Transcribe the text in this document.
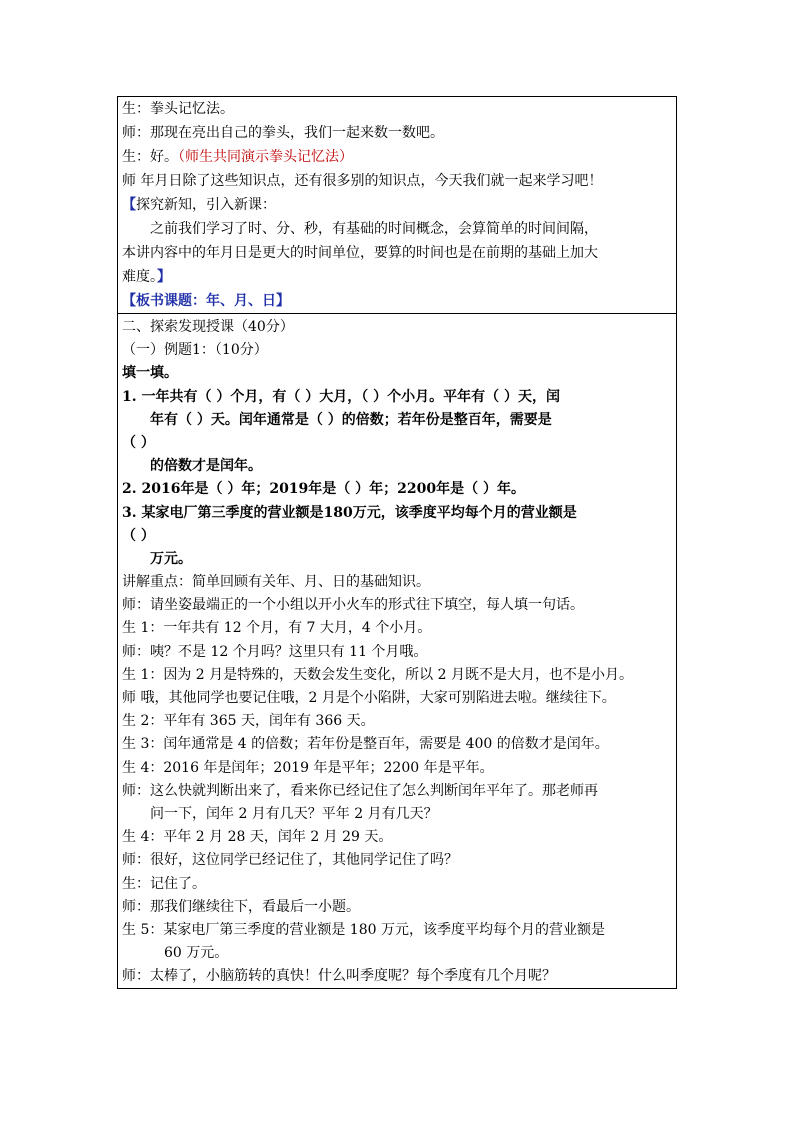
生：拳头记忆法。
师：那现在亮出自己的拳头，我们一起来数一数吧。
生：好。（师生共同演示拳头记忆法）
师 年月日除了这些知识点，还有很多别的知识点，今天我们就一起来学习吧！
【探究新知，引入新课：
之前我们学习了时、分、秒，有基础的时间概念，会算简单的时间间隔，
本讲内容中的年月日是更大的时间单位，要算的时间也是在前期的基础上加大
难度。】
【板书课题：年、月、日】
二、探索发现授课（40分）
（一）例题1：（10分）
填一填。
1. 一年共有（ ）个月，有（ ）大月，（ ）个小月。平年有（ ）天，闰
年有（ ）天。闰年通常是（ ）的倍数；若年份是整百年，需要是
（ ）
的倍数才是闰年。
2. 2016年是（ ）年；2019年是（ ）年；2200年是（ ）年。
3. 某家电厂第三季度的营业额是180万元，该季度平均每个月的营业额是
（ ）
万元。
讲解重点：简单回顾有关年、月、日的基础知识。
师：请坐姿最端正的一个小组以开小火车的形式往下填空，每人填一句话。
生 1：一年共有 12 个月，有 7 大月，4 个小月。
师：咦？不是 12 个月吗？这里只有 11 个月哦。
生 1：因为 2 月是特殊的，天数会发生变化，所以 2 月既不是大月，也不是小月。
师 哦，其他同学也要记住哦，2 月是个小陷阱，大家可别陷进去啦。继续往下。
生 2：平年有 365 天，闰年有 366 天。
生 3：闰年通常是 4 的倍数；若年份是整百年，需要是 400 的倍数才是闰年。
生 4：2016 年是闰年；2019 年是平年；2200 年是平年。
师：这么快就判断出来了，看来你已经记住了怎么判断闰年平年了。那老师再
问一下，闰年 2 月有几天？平年 2 月有几天？
生 4：平年 2 月 28 天，闰年 2 月 29 天。
师：很好，这位同学已经记住了，其他同学记住了吗？
生：记住了。
师：那我们继续往下，看最后一小题。
生 5：某家电厂第三季度的营业额是 180 万元，该季度平均每个月的营业额是
60 万元。
师：太棒了，小脑筋转的真快！什么叫季度呢？每个季度有几个月呢？
